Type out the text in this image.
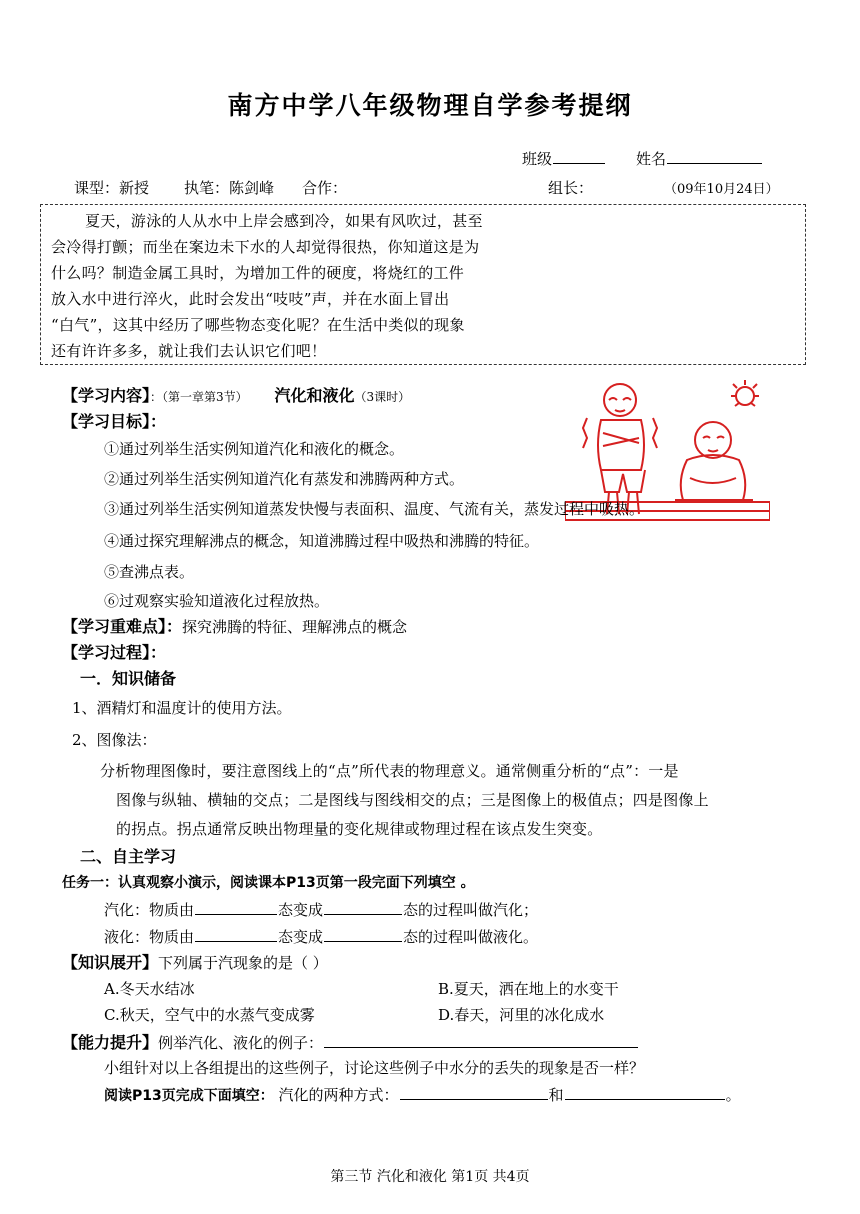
南方中学八年级物理自学参考提纲
班级	姓名
课型：新授 执笔：陈剑峰 合作：	组长：	（09年10月24日）
夏天，游泳的人从水中上岸会感到冷，如果有风吹过，甚至
会冷得打颤；而坐在案边未下水的人却觉得很热，你知道这是为
什么吗？制造金属工具时，为增加工件的硬度，将烧红的工件
放入水中进行淬火，此时会发出“吱吱”声，并在水面上冒出
“白气”，这其中经历了哪些物态变化呢？在生活中类似的现象
还有许许多多，就让我们去认识它们吧！
【学习内容】：（第一章第3节） 汽化和液化（3课时）
【学习目标】：
①通过列举生活实例知道汽化和液化的概念。
②通过列举生活实例知道汽化有蒸发和沸腾两种方式。
③通过列举生活实例知道蒸发快慢与表面积、温度、气流有关，蒸发过程中吸热。
④通过探究理解沸点的概念，知道沸腾过程中吸热和沸腾的特征。
⑤查沸点表。
⑥过观察实验知道液化过程放热。
【学习重难点】：探究沸腾的特征、理解沸点的概念
【学习过程】：
一．知识储备
1、酒精灯和温度计的使用方法。
2、图像法：
分析物理图像时，要注意图线上的“点”所代表的物理意义。通常侧重分析的“点”：一是
图像与纵轴、横轴的交点；二是图线与图线相交的点；三是图像上的极值点；四是图像上
的拐点。拐点通常反映出物理量的变化规律或物理过程在该点发生突变。
二、自主学习
任务一：认真观察小演示，阅读课本P13页第一段完面下列填空 。
汽化：物质由	态变成	态的过程叫做汽化；
液化：物质由	态变成	态的过程叫做液化。
【知识展开】下列属于汽现象的是（ ）
A.冬天水结冰	B.夏天，洒在地上的水变干
C.秋天，空气中的水蒸气变成雾	D.春天，河里的冰化成水
【能力提升】例举汽化、液化的例子：
小组针对以上各组提出的这些例子，讨论这些例子中水分的丢失的现象是否一样？
阅读P13页完成下面填空： 汽化的两种方式：	和	。
第三节 汽化和液化 第1页 共4页
